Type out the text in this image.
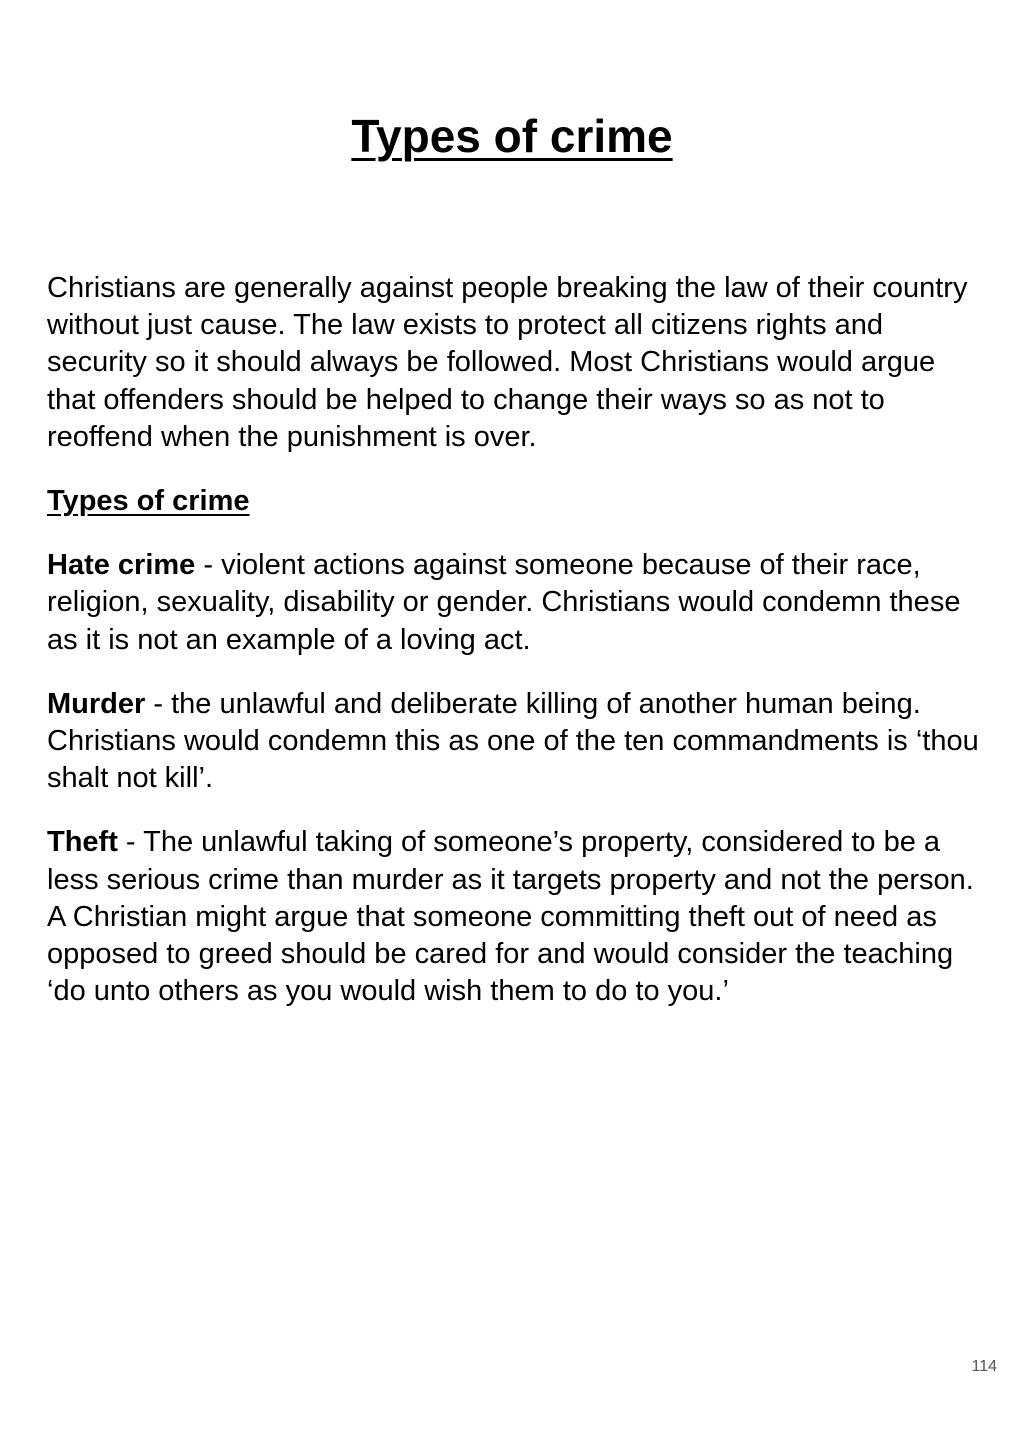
Types of crime

Christians are generally against people breaking the law of their country without just cause. The law exists to protect all citizens rights and security so it should always be followed. Most Christians would argue that offenders should be helped to change their ways so as not to reoffend when the punishment is over.

Types of crime

Hate crime - violent actions against someone because of their race, religion, sexuality, disability or gender. Christians would condemn these as it is not an example of a loving act.

Murder - the unlawful and deliberate killing of another human being. Christians would condemn this as one of the ten commandments is ‘thou shalt not kill’.

Theft - The unlawful taking of someone’s property, considered to be a less serious crime than murder as it targets property and not the person. A Christian might argue that someone committing theft out of need as opposed to greed should be cared for and would consider the teaching ‘do unto others as you would wish them to do to you.’

114
